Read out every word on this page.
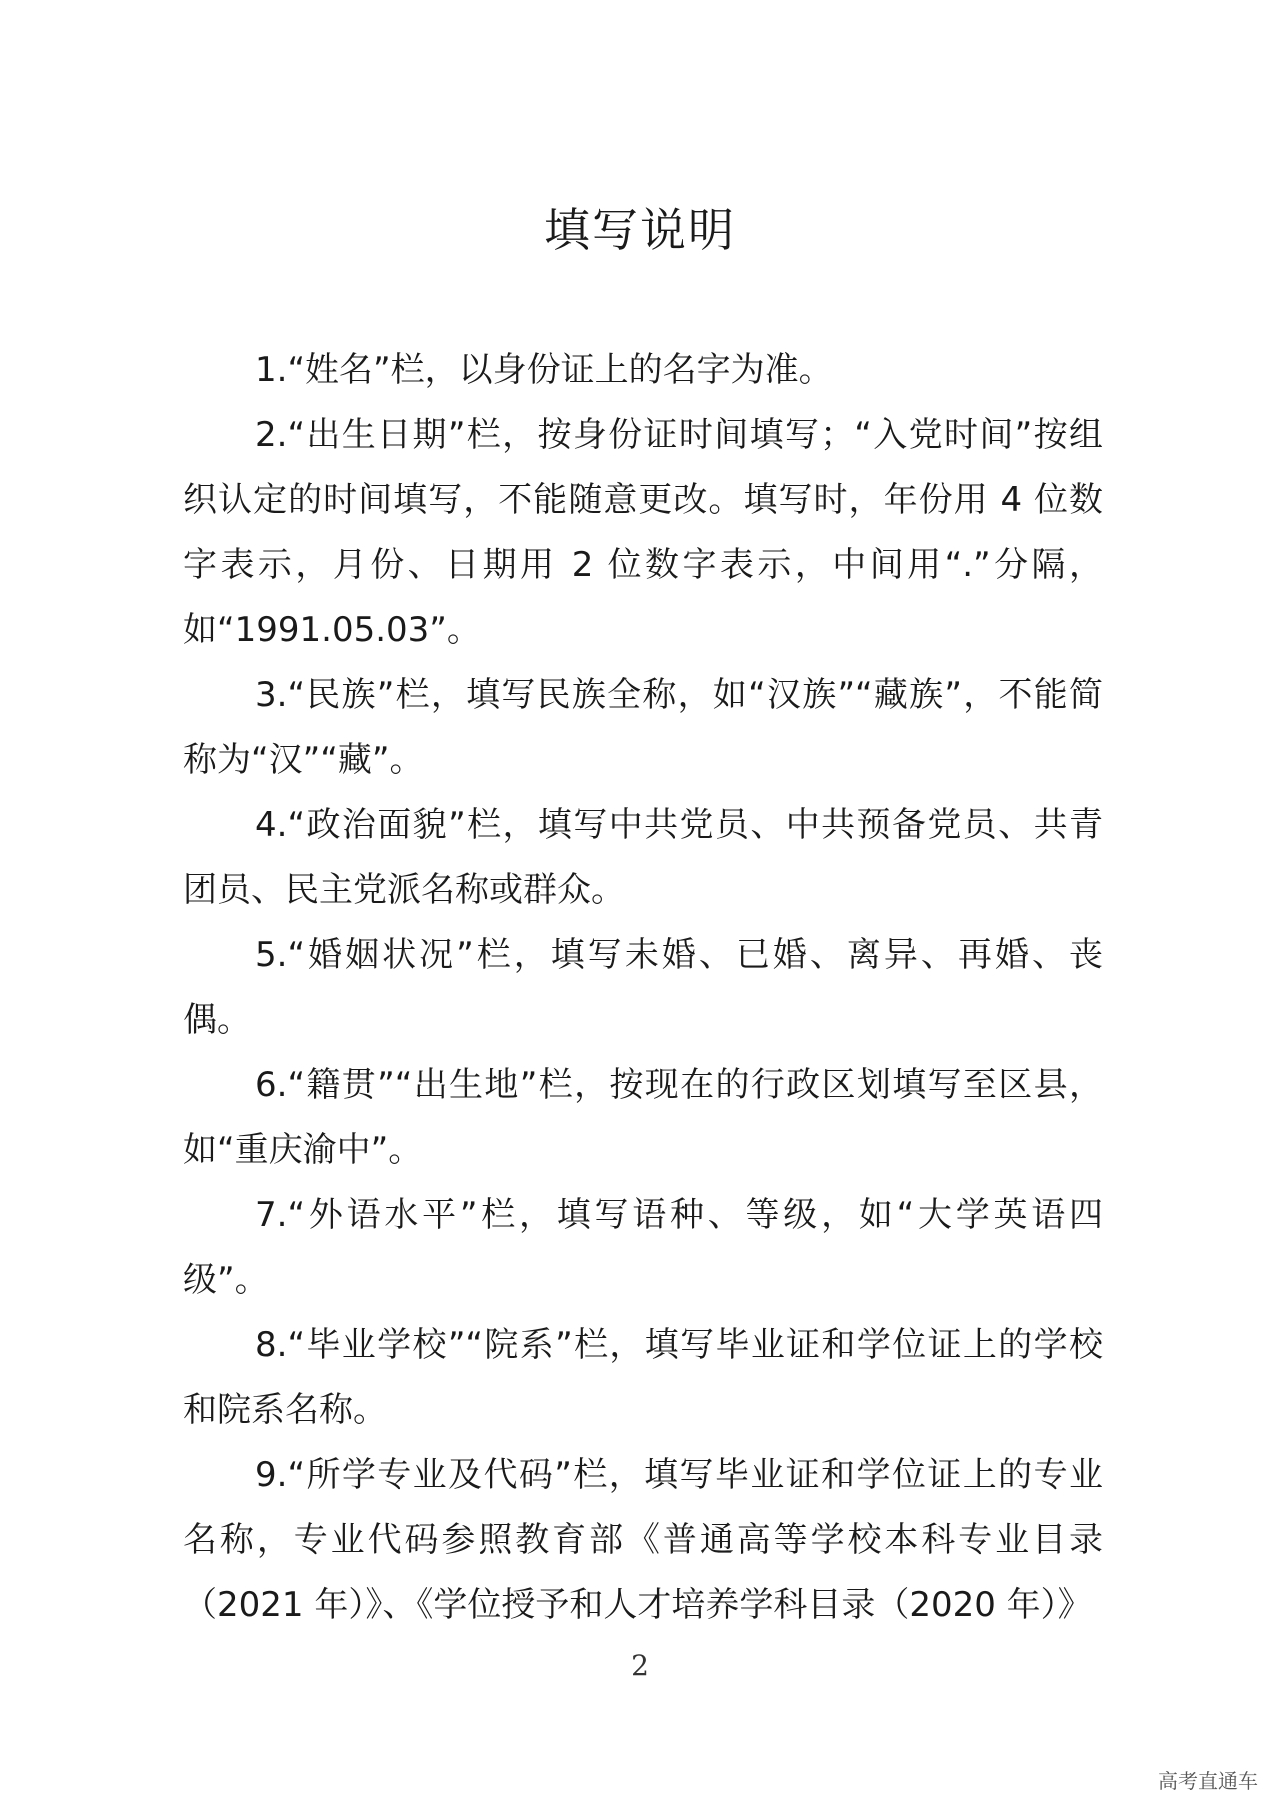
填写说明

1.“姓名”栏，以身份证上的名字为准。

2.“出生日期”栏，按身份证时间填写；“入党时间”按组织认定的时间填写，不能随意更改。填写时，年份用 4 位数字表示，月份、日期用 2 位数字表示，中间用“.”分隔，如“1991.05.03”。

3.“民族”栏，填写民族全称，如“汉族”“藏族”，不能简称为“汉”“藏”。

4.“政治面貌”栏，填写中共党员、中共预备党员、共青团员、民主党派名称或群众。

5.“婚姻状况”栏，填写未婚、已婚、离异、再婚、丧偶。

6.“籍贯”“出生地”栏，按现在的行政区划填写至区县，如“重庆渝中”。

7.“外语水平”栏，填写语种、等级，如“大学英语四级”。

8.“毕业学校”“院系”栏，填写毕业证和学位证上的学校和院系名称。

9.“所学专业及代码”栏，填写毕业证和学位证上的专业名称，专业代码参照教育部《普通高等学校本科专业目录（2021 年）》、《学位授予和人才培养学科目录（2020 年）》

2
高考直通车
